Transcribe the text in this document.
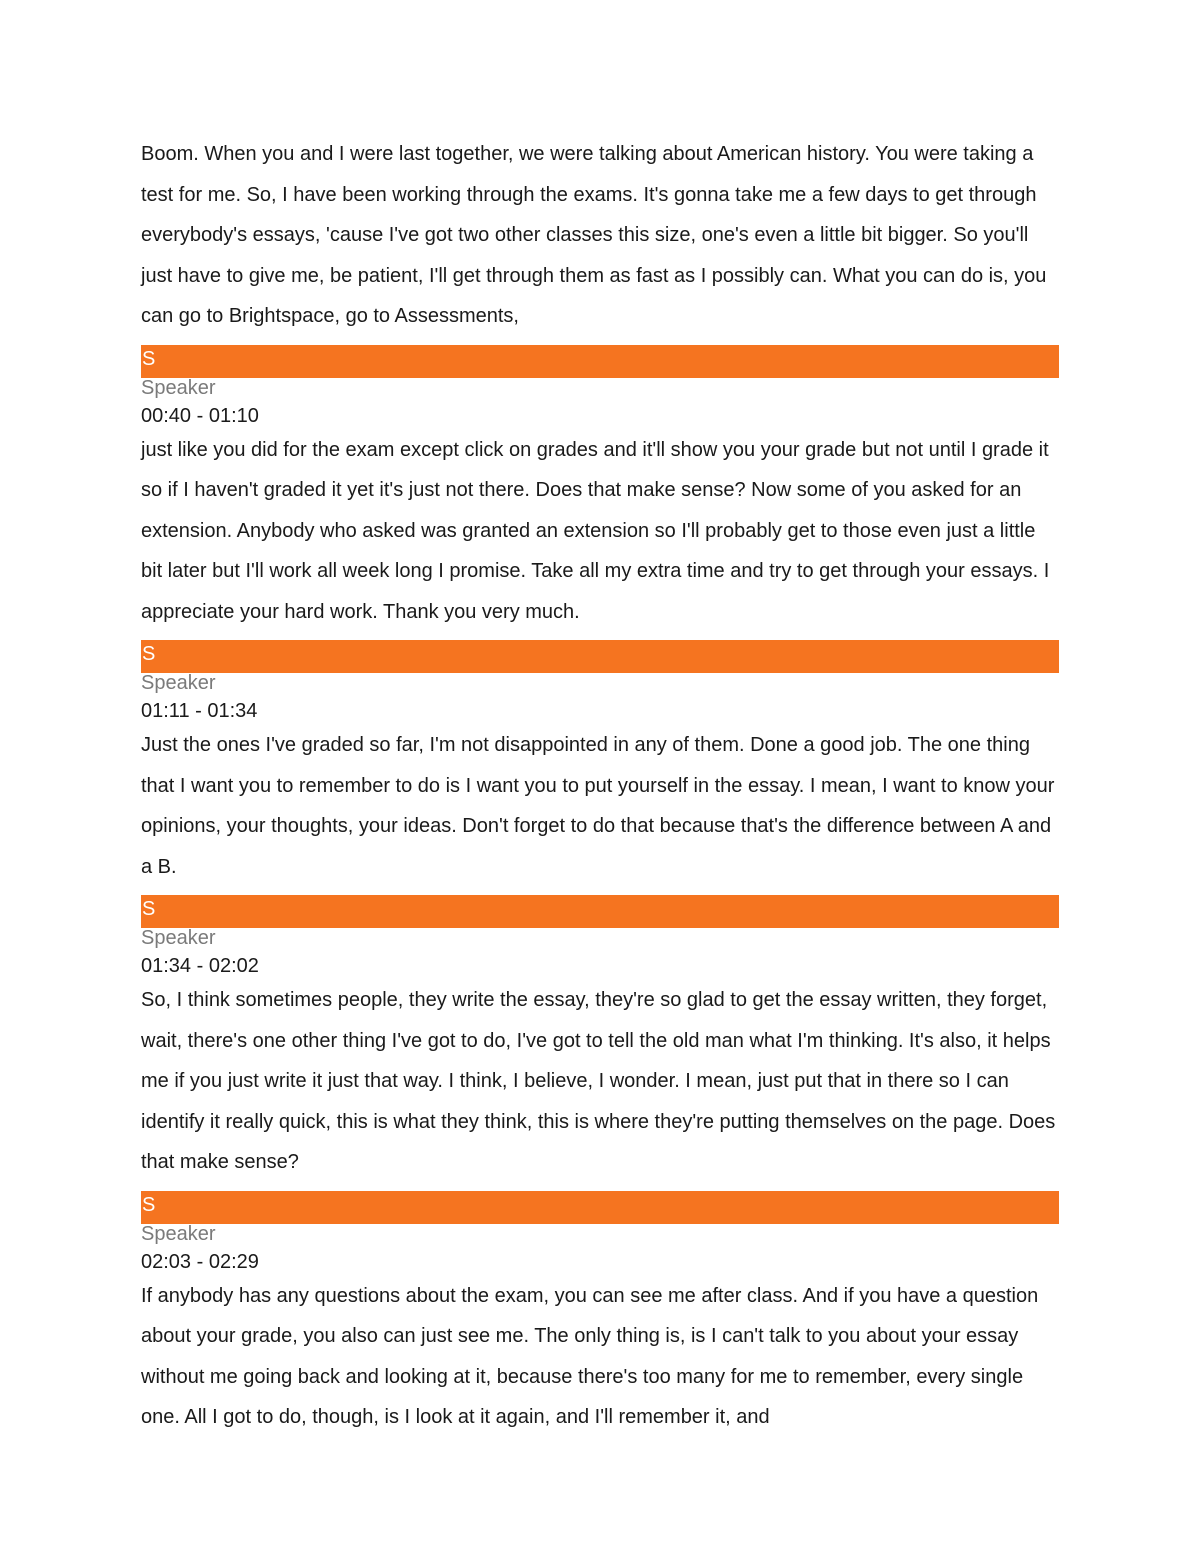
Boom. When you and I were last together, we were talking about American history. You were taking a test for me. So, I have been working through the exams. It's gonna take me a few days to get through everybody's essays, 'cause I've got two other classes this size, one's even a little bit bigger. So you'll just have to give me, be patient, I'll get through them as fast as I possibly can. What you can do is, you can go to Brightspace, go to Assessments,

S
Speaker
00:40 - 01:10

just like you did for the exam except click on grades and it'll show you your grade but not until I grade it so if I haven't graded it yet it's just not there. Does that make sense? Now some of you asked for an extension. Anybody who asked was granted an extension so I'll probably get to those even just a little bit later but I'll work all week long I promise. Take all my extra time and try to get through your essays. I appreciate your hard work. Thank you very much.

S
Speaker
01:11 - 01:34

Just the ones I've graded so far, I'm not disappointed in any of them. Done a good job. The one thing that I want you to remember to do is I want you to put yourself in the essay. I mean, I want to know your opinions, your thoughts, your ideas. Don't forget to do that because that's the difference between A and a B.

S
Speaker
01:34 - 02:02

So, I think sometimes people, they write the essay, they're so glad to get the essay written, they forget, wait, there's one other thing I've got to do, I've got to tell the old man what I'm thinking. It's also, it helps me if you just write it just that way. I think, I believe, I wonder. I mean, just put that in there so I can identify it really quick, this is what they think, this is where they're putting themselves on the page. Does that make sense?

S
Speaker
02:03 - 02:29

If anybody has any questions about the exam, you can see me after class. And if you have a question about your grade, you also can just see me. The only thing is, is I can't talk to you about your essay without me going back and looking at it, because there's too many for me to remember, every single one. All I got to do, though, is I look at it again, and I'll remember it, and
